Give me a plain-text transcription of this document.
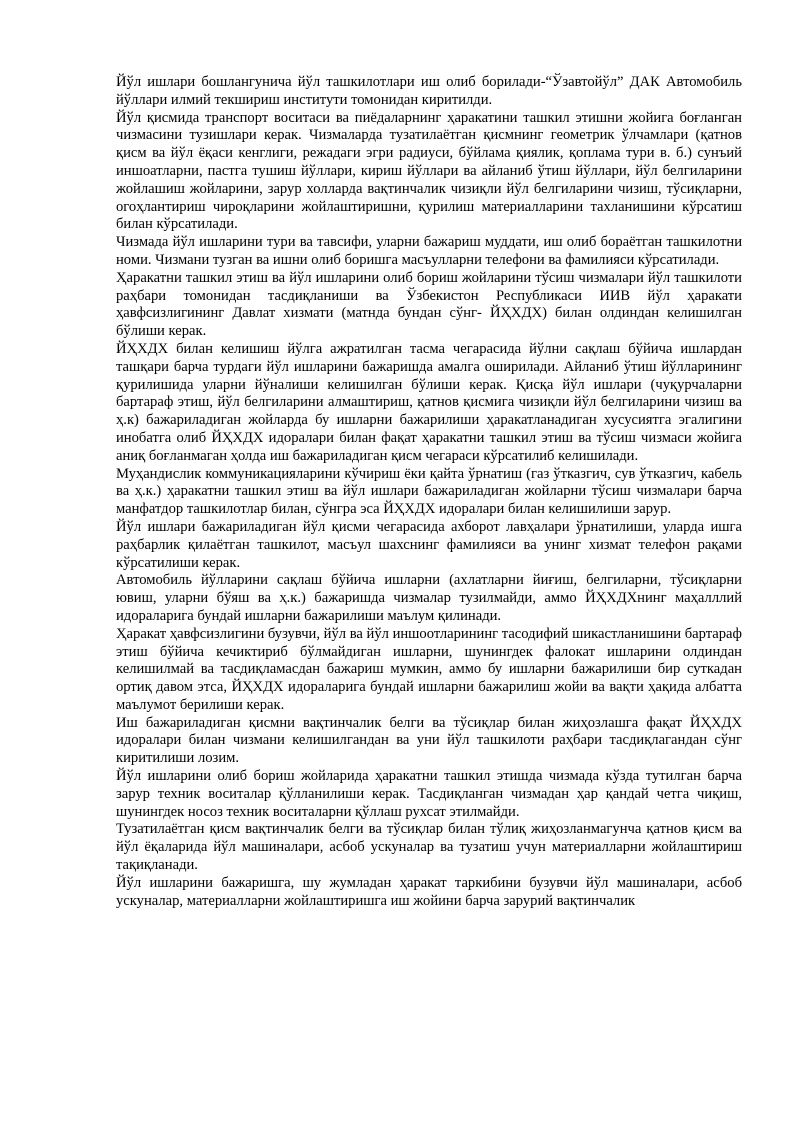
Йўл ишлари бошлангунича йўл ташкилотлари иш олиб борилади-“Ўзавтойўл” ДАК Автомобиль йўллари илмий текшириш институти томонидан киритилди.

Йўл қисмида транспорт воситаси ва пиёдаларнинг ҳаракатини ташкил этишни жойига боғланган чизмасини тузишлари керак. Чизмаларда тузатилаётган қисмнинг геометрик ўлчамлари (қатнов қисм ва йўл ёқаси кенглиги, режадаги эгри радиуси, бўйлама қиялик, қоплама тури в. б.) сунъий иншоатларни, пастга тушиш йўллари, кириш йўллари ва айланиб ўтиш йўллари, йўл белгиларини жойлашиш жойларини, зарур холларда вақтинчалик чизиқли йўл белгиларини чизиш, тўсиқларни, огоҳлантириш чироқларини жойлаштиришни, қурилиш материалларини тахланишини кўрсатиш билан кўрсатилади.

Чизмада йўл ишларини тури ва тавсифи, уларни бажариш муддати, иш олиб бораётган ташкилотни номи. Чизмани тузган ва ишни олиб боришга масъулларни телефони ва фамилияси кўрсатилади.

Ҳаракатни ташкил этиш ва йўл ишларини олиб бориш жойларини тўсиш чизмалари йўл ташкилоти раҳбари томонидан тасдиқланиши ва Ўзбекистон Республикаси ИИВ йўл ҳаракати ҳавфсизлигининг Давлат хизмати (матнда бундан сўнг- ЙҲХДХ) билан олдиндан келишилган бўлиши керак.

ЙҲХДХ билан келишиш йўлга ажратилган тасма чегарасида йўлни сақлаш бўйича ишлардан ташқари барча турдаги йўл ишларини бажаришда амалга оширилади. Айланиб ўтиш йўлларининг қурилишида уларни йўналиши келишилган бўлиши керак. Қисқа йўл ишлари (чуқурчаларни бартараф этиш, йўл белгиларини алмаштириш, қатнов қисмига чизиқли йўл белгиларини чизиш ва ҳ.к) бажариладиган жойларда бу ишларни бажарилиши ҳаракатланадиган хусусиятга эгалигини инобатга олиб ЙҲХДХ идоралари билан фақат ҳаракатни ташкил этиш ва тўсиш чизмаси жойига аниқ боғланмаган ҳолда иш бажариладиган қисм чегараси кўрсатилиб келишилади.

Муҳандислик коммуникацияларини кўчириш ёки қайта ўрнатиш (газ ўтказгич, сув ўтказгич, кабель ва ҳ.к.) ҳаракатни ташкил этиш ва йўл ишлари бажариладиган жойларни тўсиш чизмалари барча манфатдор ташкилотлар билан, сўнгра эса ЙҲХДХ идоралари билан келишилиши зарур.

Йўл ишлари бажариладиган йўл қисми чегарасида ахборот лавҳалари ўрнатилиши, уларда ишга раҳбарлик қилаётган ташкилот, масъул шахснинг фамилияси ва унинг хизмат телефон рақами кўрсатилиши керак.

Автомобиль йўлларини сақлаш бўйича ишларни (ахлатларни йиғиш, белгиларни, тўсиқларни ювиш, уларни бўяш ва ҳ.к.) бажаришда чизмалар тузилмайди, аммо ЙҲХДХнинг маҳалллий идораларига бундай ишларни бажарилиши маълум қилинади.

Ҳаракат ҳавфсизлигини бузувчи, йўл ва йўл иншоотларининг тасодифий шикастланишини бартараф этиш бўйича кечиктириб бўлмайдиган ишларни, шунингдек фалокат ишларини олдиндан келишилмай ва тасдиқламасдан бажариш мумкин, аммо бу ишларни бажарилиши бир суткадан ортиқ давом этса, ЙҲХДХ идораларига бундай ишларни бажарилиш жойи ва вақти ҳақида албатта маълумот берилиши керак.

Иш бажариладиган қисмни вақтинчалик белги ва тўсиқлар билан жиҳозлашга фақат ЙҲХДХ идоралари билан чизмани келишилгандан ва уни йўл ташкилоти раҳбари тасдиқлагандан сўнг киритилиши лозим.

Йўл ишларини олиб бориш жойларида ҳаракатни ташкил этишда чизмада кўзда тутилган барча зарур техник воситалар қўлланилиши керак. Тасдиқланган чизмадан ҳар қандай четга чиқиш, шунингдек носоз техник воситаларни қўллаш рухсат этилмайди.

Тузатилаётган қисм вақтинчалик белги ва тўсиқлар билан тўлиқ жиҳозланмагунча қатнов қисм ва йўл ёқаларида йўл машиналари, асбоб ускуналар ва тузатиш учун материалларни жойлаштириш тақиқланади.

Йўл ишларини бажаришга, шу жумладан ҳаракат таркибини бузувчи йўл машиналари, асбоб ускуналар, материалларни жойлаштиришга иш жойини барча зарурий вақтинчалик
